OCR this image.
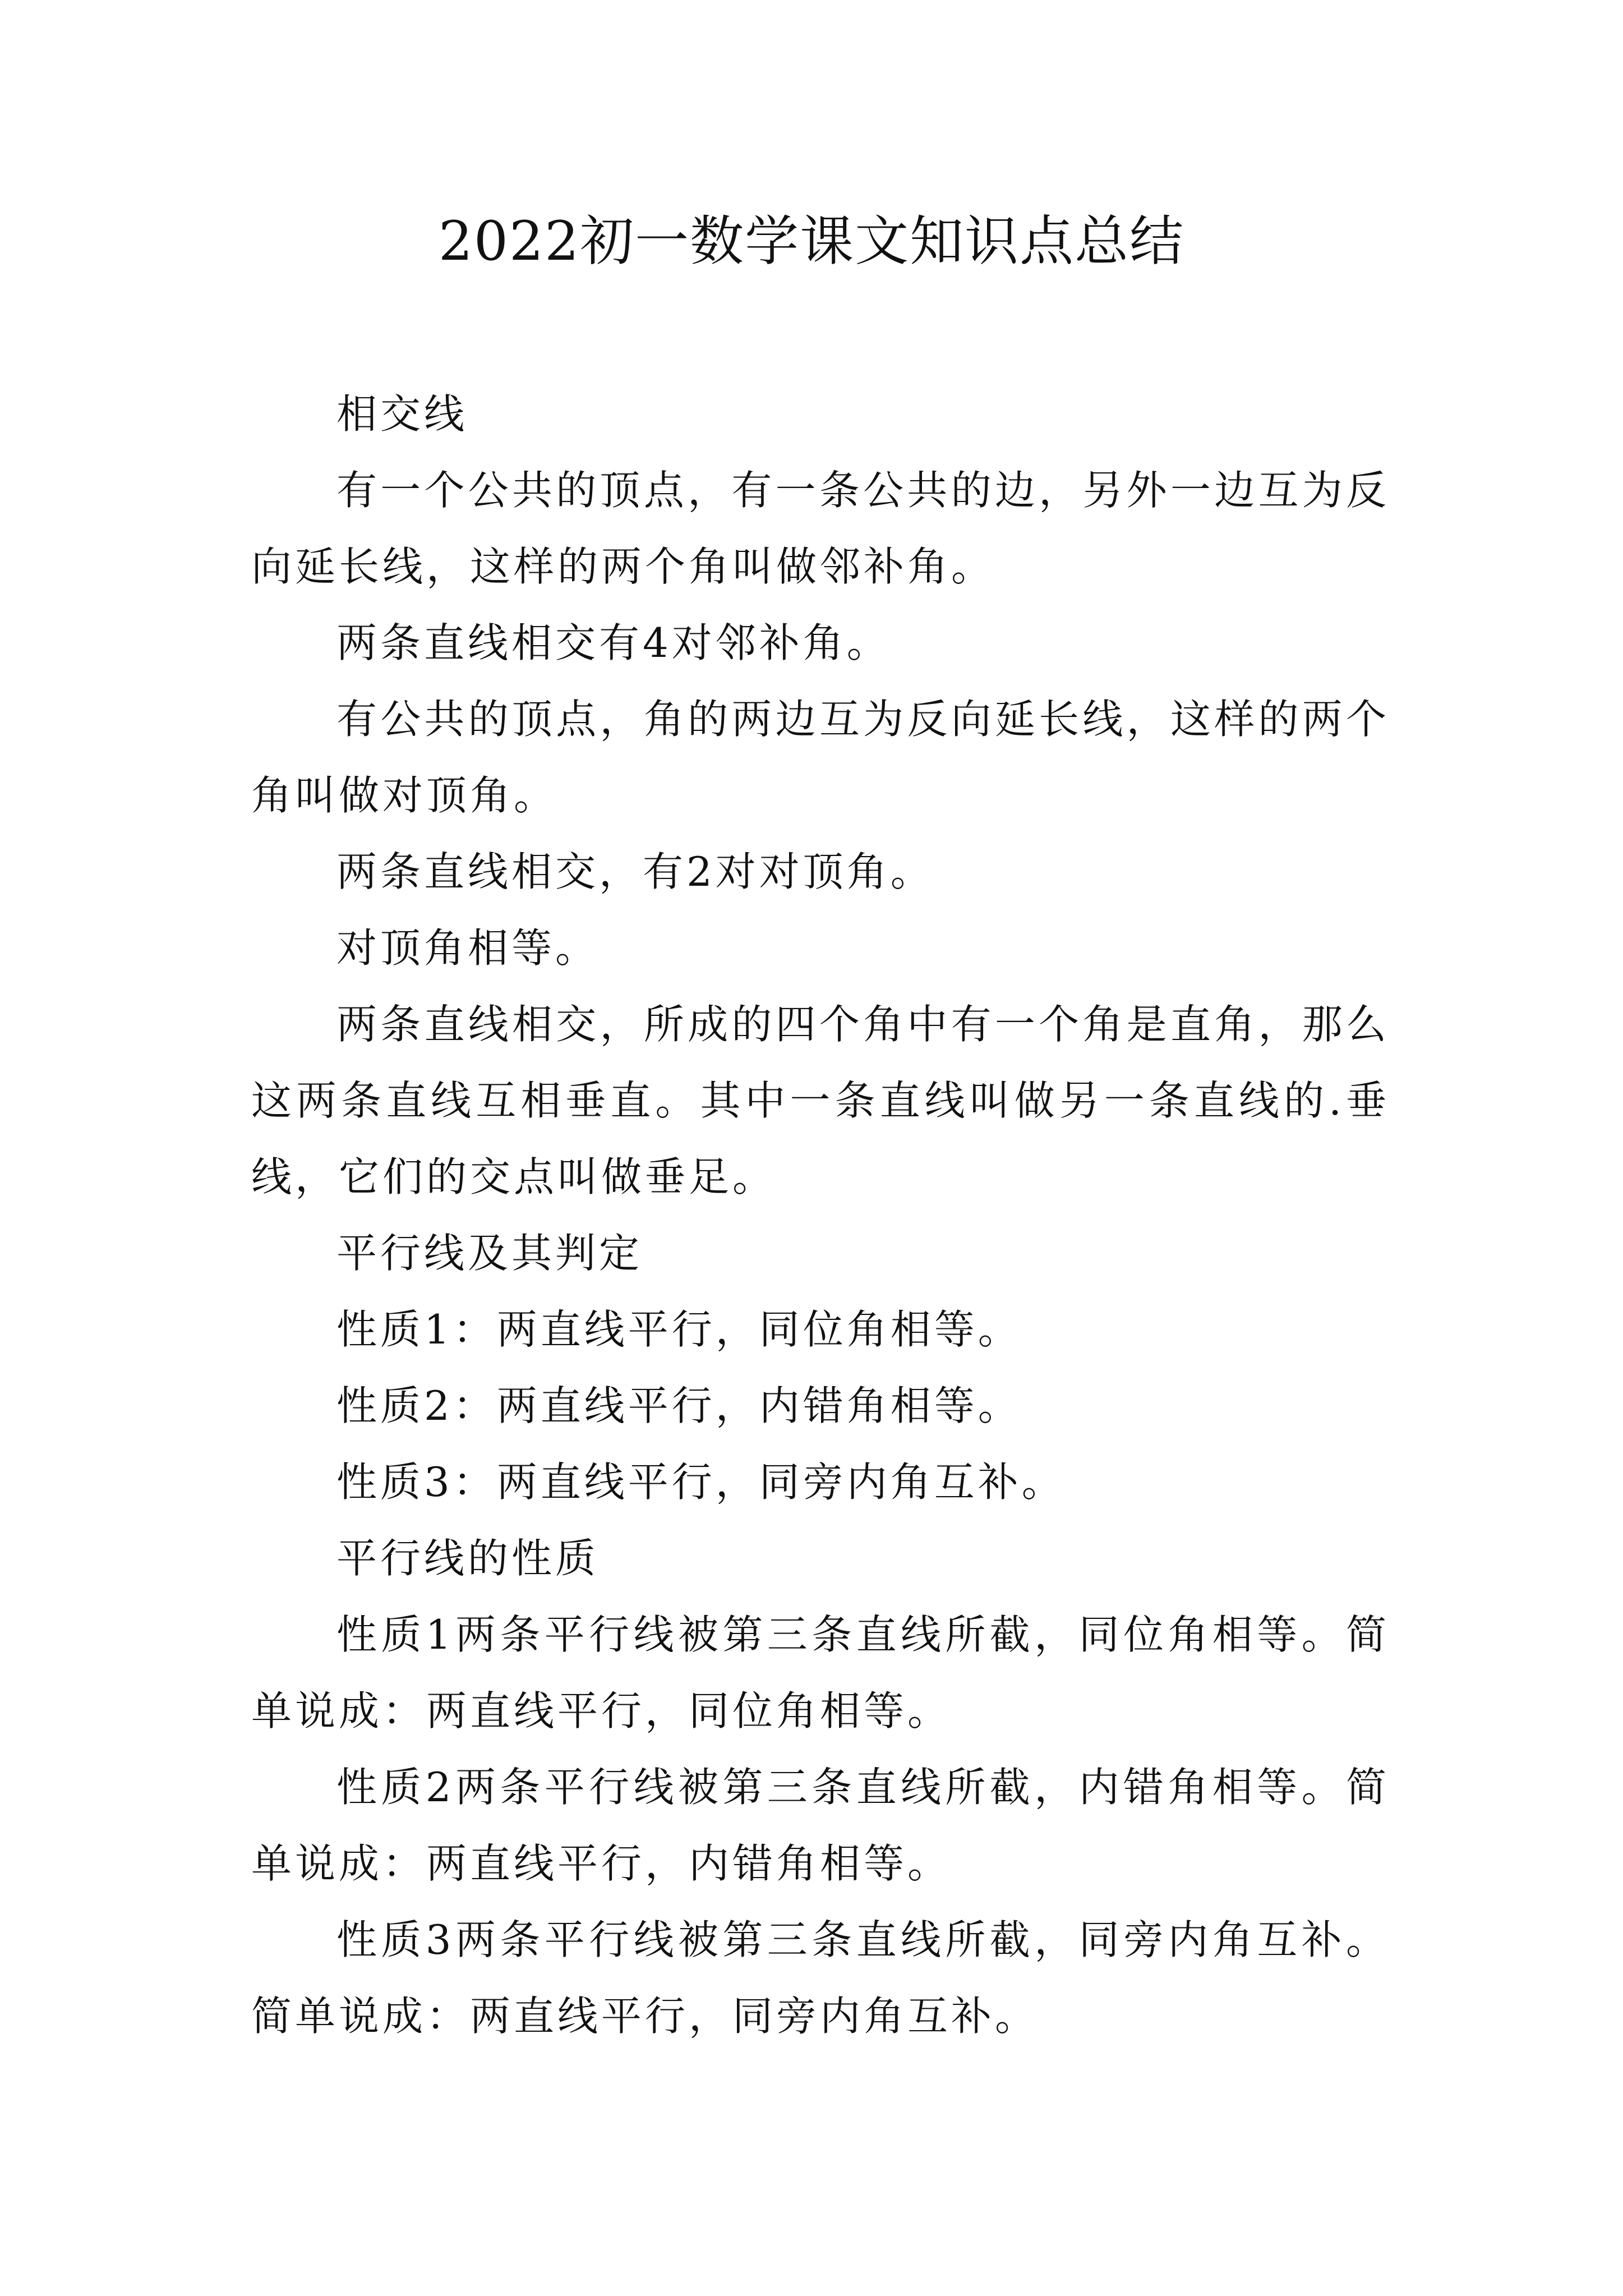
2022初一数学课文知识点总结

相交线

有一个公共的顶点，有一条公共的边，另外一边互为反向延长线，这样的两个角叫做邻补角。

两条直线相交有4对邻补角。

有公共的顶点，角的两边互为反向延长线，这样的两个角叫做对顶角。

两条直线相交，有2对对顶角。

对顶角相等。

两条直线相交，所成的四个角中有一个角是直角，那么这两条直线互相垂直。其中一条直线叫做另一条直线的.垂线，它们的交点叫做垂足。

平行线及其判定

性质1：两直线平行，同位角相等。

性质2：两直线平行，内错角相等。

性质3：两直线平行，同旁内角互补。

平行线的性质

性质1两条平行线被第三条直线所截，同位角相等。简单说成：两直线平行，同位角相等。

性质2两条平行线被第三条直线所截，内错角相等。简单说成：两直线平行，内错角相等。

性质3两条平行线被第三条直线所截，同旁内角互补。简单说成：两直线平行，同旁内角互补。
